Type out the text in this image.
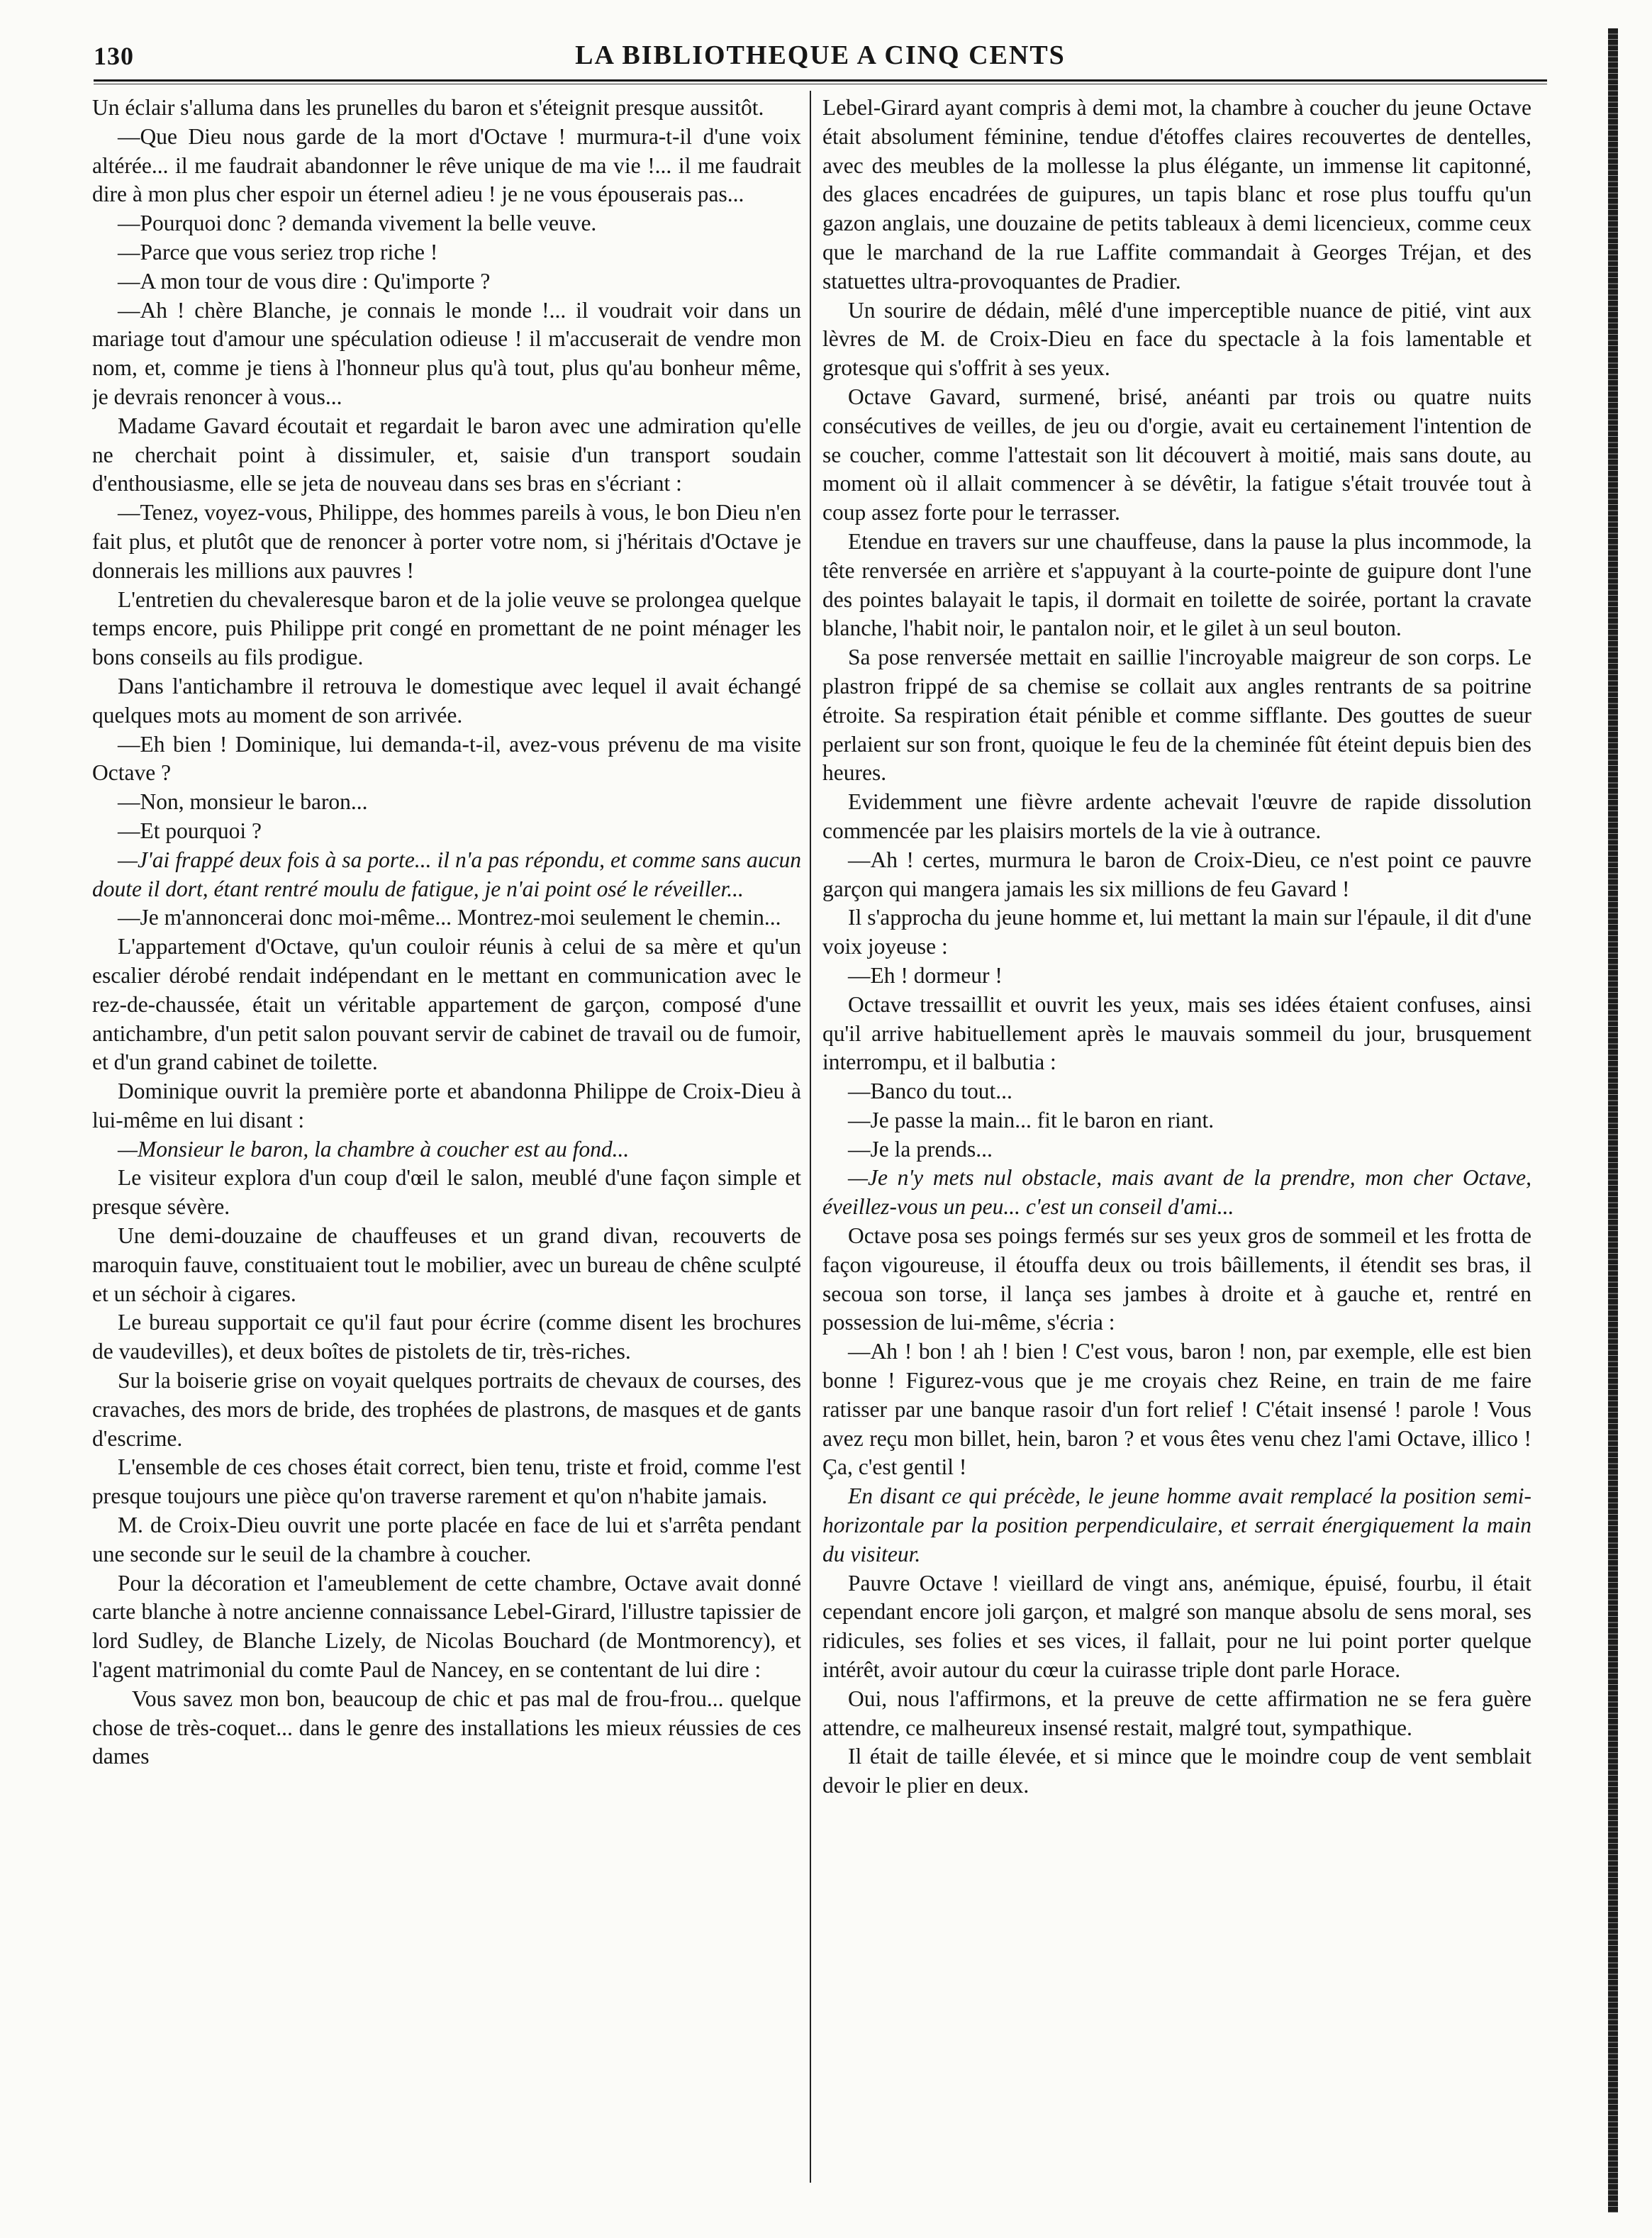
130	LA BIBLIOTHEQUE A CINQ CENTS

Un éclair s'alluma dans les prunelles du baron et s'éteignit presque aussitôt.

—Que Dieu nous garde de la mort d'Octave ! murmura-t-il d'une voix altérée... il me faudrait abandonner le rêve unique de ma vie !... il me faudrait dire à mon plus cher espoir un éternel adieu ! je ne vous épouserais pas...

—Pourquoi donc ? demanda vivement la belle veuve.

—Parce que vous seriez trop riche !

—A mon tour de vous dire : Qu'importe ?

—Ah ! chère Blanche, je connais le monde !... il voudrait voir dans un mariage tout d'amour une spéculation odieuse ! il m'accuserait de vendre mon nom, et, comme je tiens à l'honneur plus qu'à tout, plus qu'au bonheur même, je devrais renoncer à vous...

Madame Gavard écoutait et regardait le baron avec une admiration qu'elle ne cherchait point à dissimuler, et, saisie d'un transport soudain d'enthousiasme, elle se jeta de nouveau dans ses bras en s'écriant :

—Tenez, voyez-vous, Philippe, des hommes pareils à vous, le bon Dieu n'en fait plus, et plutôt que de renoncer à porter votre nom, si j'héritais d'Octave je donnerais les millions aux pauvres !

L'entretien du chevaleresque baron et de la jolie veuve se prolongea quelque temps encore, puis Philippe prit congé en promettant de ne point ménager les bons conseils au fils prodigue.

Dans l'antichambre il retrouva le domestique avec lequel il avait échangé quelques mots au moment de son arrivée.

—Eh bien ! Dominique, lui demanda-t-il, avez-vous prévenu de ma visite Octave ?

—Non, monsieur le baron...

—Et pourquoi ?

—J'ai frappé deux fois à sa porte... il n'a pas répondu, et comme sans aucun doute il dort, étant rentré moulu de fatigue, je n'ai point osé le réveiller...

—Je m'annoncerai donc moi-même... Montrez-moi seulement le chemin...

L'appartement d'Octave, qu'un couloir réunis à celui de sa mère et qu'un escalier dérobé rendait indépendant en le mettant en communication avec le rez-de-chaussée, était un véritable appartement de garçon, composé d'une antichambre, d'un petit salon pouvant servir de cabinet de travail ou de fumoir, et d'un grand cabinet de toilette.

Dominique ouvrit la première porte et abandonna Philippe de Croix-Dieu à lui-même en lui disant :

—Monsieur le baron, la chambre à coucher est au fond...

Le visiteur explora d'un coup d'œil le salon, meublé d'une façon simple et presque sévère.

Une demi-douzaine de chauffeuses et un grand divan, recouverts de maroquin fauve, constituaient tout le mobilier, avec un bureau de chêne sculpté et un séchoir à cigares.

Le bureau supportait ce qu'il faut pour écrire (comme disent les brochures de vaudevilles), et deux boîtes de pistolets de tir, très-riches.

Sur la boiserie grise on voyait quelques portraits de chevaux de courses, des cravaches, des mors de bride, des trophées de plastrons, de masques et de gants d'escrime.

L'ensemble de ces choses était correct, bien tenu, triste et froid, comme l'est presque toujours une pièce qu'on traverse rarement et qu'on n'habite jamais.

M. de Croix-Dieu ouvrit une porte placée en face de lui et s'arrêta pendant une seconde sur le seuil de la chambre à coucher.

Pour la décoration et l'ameublement de cette chambre, Octave avait donné carte blanche à notre ancienne connaissance Lebel-Girard, l'illustre tapissier de lord Sudley, de Blanche Lizely, de Nicolas Bouchard (de Montmorency), et l'agent matrimonial du comte Paul de Nancey, en se contentant de lui dire :

Vous savez mon bon, beaucoup de chic et pas mal de frou-frou... quelque chose de très-coquet... dans le genre des installations les mieux réussies de ces dames

Lebel-Girard ayant compris à demi mot, la chambre à coucher du jeune Octave était absolument féminine, tendue d'étoffes claires recouvertes de dentelles, avec des meubles de la mollesse la plus élégante, un immense lit capitonné, des glaces encadrées de guipures, un tapis blanc et rose plus touffu qu'un gazon anglais, une douzaine de petits tableaux à demi licencieux, comme ceux que le marchand de la rue Laffite commandait à Georges Tréjan, et des statuettes ultra-provoquantes de Pradier.

Un sourire de dédain, mêlé d'une imperceptible nuance de pitié, vint aux lèvres de M. de Croix-Dieu en face du spectacle à la fois lamentable et grotesque qui s'offrit à ses yeux.

Octave Gavard, surmené, brisé, anéanti par trois ou quatre nuits consécutives de veilles, de jeu ou d'orgie, avait eu certainement l'intention de se coucher, comme l'attestait son lit découvert à moitié, mais sans doute, au moment où il allait commencer à se dévêtir, la fatigue s'était trouvée tout à coup assez forte pour le terrasser.

Etendue en travers sur une chauffeuse, dans la pause la plus incommode, la tête renversée en arrière et s'appuyant à la courte-pointe de guipure dont l'une des pointes balayait le tapis, il dormait en toilette de soirée, portant la cravate blanche, l'habit noir, le pantalon noir, et le gilet à un seul bouton.

Sa pose renversée mettait en saillie l'incroyable maigreur de son corps. Le plastron frippé de sa chemise se collait aux angles rentrants de sa poitrine étroite. Sa respiration était pénible et comme sifflante. Des gouttes de sueur perlaient sur son front, quoique le feu de la cheminée fût éteint depuis bien des heures.

Evidemment une fièvre ardente achevait l'œuvre de rapide dissolution commencée par les plaisirs mortels de la vie à outrance.

—Ah ! certes, murmura le baron de Croix-Dieu, ce n'est point ce pauvre garçon qui mangera jamais les six millions de feu Gavard !

Il s'approcha du jeune homme et, lui mettant la main sur l'épaule, il dit d'une voix joyeuse :

—Eh ! dormeur !

Octave tressaillit et ouvrit les yeux, mais ses idées étaient confuses, ainsi qu'il arrive habituellement après le mauvais sommeil du jour, brusquement interrompu, et il balbutia :

—Banco du tout...

—Je passe la main... fit le baron en riant.

—Je la prends...

—Je n'y mets nul obstacle, mais avant de la prendre, mon cher Octave, éveillez-vous un peu... c'est un conseil d'ami...

Octave posa ses poings fermés sur ses yeux gros de sommeil et les frotta de façon vigoureuse, il étouffa deux ou trois bâillements, il étendit ses bras, il secoua son torse, il lança ses jambes à droite et à gauche et, rentré en possession de lui-même, s'écria :

—Ah ! bon ! ah ! bien ! C'est vous, baron ! non, par exemple, elle est bien bonne ! Figurez-vous que je me croyais chez Reine, en train de me faire ratisser par une banque rasoir d'un fort relief ! C'était insensé ! parole ! Vous avez reçu mon billet, hein, baron ? et vous êtes venu chez l'ami Octave, illico ! Ça, c'est gentil !

En disant ce qui précède, le jeune homme avait remplacé la position semi-horizontale par la position perpendiculaire, et serrait énergiquement la main du visiteur.

Pauvre Octave ! vieillard de vingt ans, anémique, épuisé, fourbu, il était cependant encore joli garçon, et malgré son manque absolu de sens moral, ses ridicules, ses folies et ses vices, il fallait, pour ne lui point porter quelque intérêt, avoir autour du cœur la cuirasse triple dont parle Horace.

Oui, nous l'affirmons, et la preuve de cette affirmation ne se fera guère attendre, ce malheureux insensé restait, malgré tout, sympathique.

Il était de taille élevée, et si mince que le moindre coup de vent semblait devoir le plier en deux.
